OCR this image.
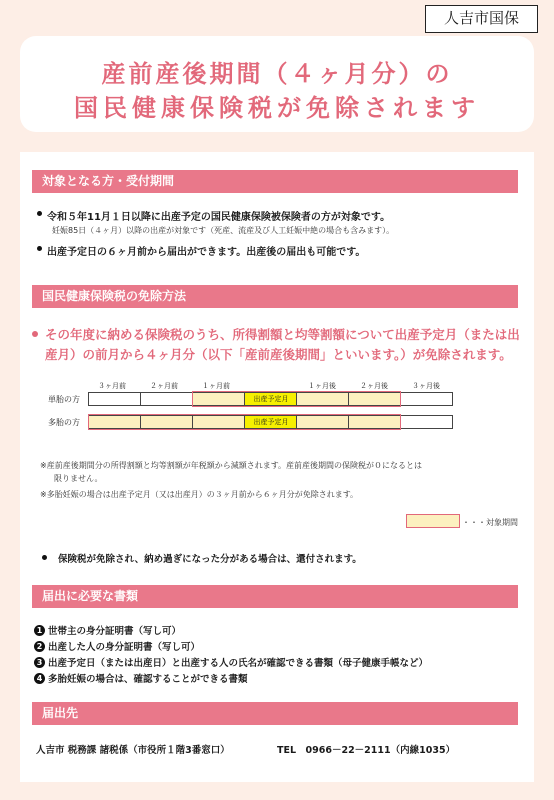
人吉市国保
産前産後期間（４ヶ月分）の
国民健康保険税が免除されます
対象となる方・受付期間
令和５年11月１日以降に出産予定の国民健康保険被保険者の方が対象です。
妊娠85日（４ヶ月）以降の出産が対象です（死産、流産及び人工妊娠中絶の場合も含みます）。
出産予定日の６ヶ月前から届出ができます。出産後の届出も可能です。
国民健康保険税の免除方法
その年度に納める保険税のうち、所得割額と均等割額について出産予定月（または出
産月）の前月から４ヶ月分（以下「産前産後期間」といいます。）が免除されます。
３ヶ月前	２ヶ月前	１ヶ月前	１ヶ月後	２ヶ月後	３ヶ月後
単胎の方	出産予定月
多胎の方	出産予定月
※産前産後期間分の所得割額と均等割額が年税額から減額されます。産前産後期間の保険税が０になるとは
限りません。
※多胎妊娠の場合は出産予定月（又は出産月）の３ヶ月前から６ヶ月分が免除されます。
・・・対象期間
保険税が免除され、納め過ぎになった分がある場合は、還付されます。
届出に必要な書類
1 世帯主の身分証明書（写し可）
2 出産した人の身分証明書（写し可）
3 出産予定日（または出産日）と出産する人の氏名が確認できる書類（母子健康手帳など）
4 多胎妊娠の場合は、確認することができる書類
届出先
人吉市 税務課 諸税係（市役所１階3番窓口）	TEL　0966－22－2111（内線1035）
